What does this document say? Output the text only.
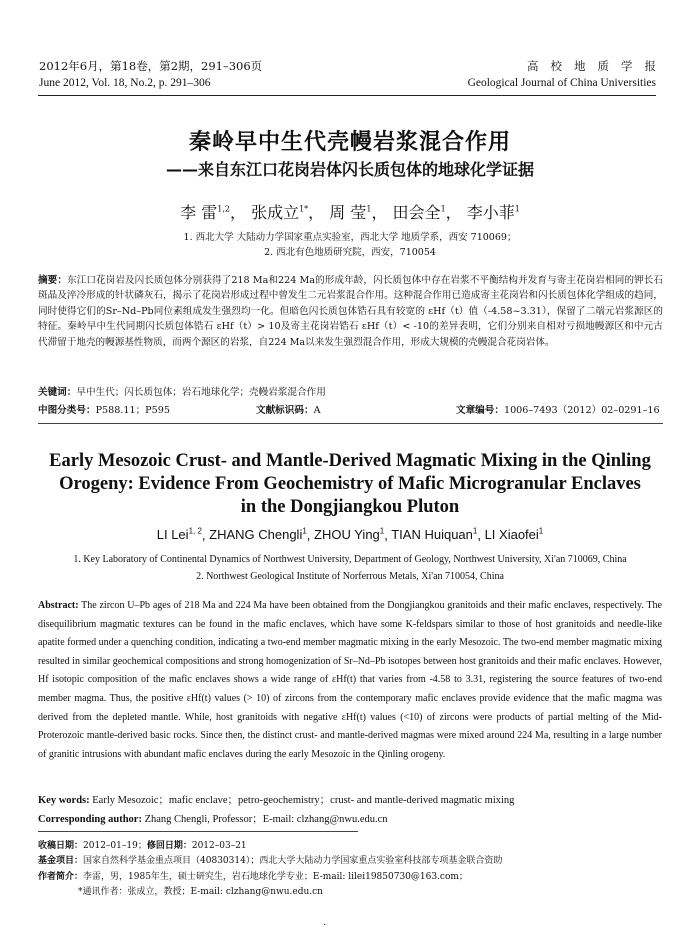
2012年6月，第18卷，第2期，291–306页
June 2012, Vol. 18, No.2, p. 291–306
高校地质学报
Geological Journal of China Universities
秦岭早中生代壳幔岩浆混合作用
——来自东江口花岗岩体闪长质包体的地球化学证据
李 雷$^{1,2}$， 张成立$^{1*}$， 周 莹$^1$， 田会全$^1$， 李小菲$^1$
1. 西北大学 大陆动力学国家重点实验室，西北大学 地质学系，西安 710069；
2. 西北有色地质研究院，西安，710054
摘要：东江口花岗岩及闪长质包体分别获得了218 Ma和224 Ma的形成年龄，闪长质包体中存在岩浆不平衡结构并发育与寄主花岗岩相同的钾长石斑晶及淬冷形成的针状磷灰石，揭示了花岗岩形成过程中曾发生二元岩浆混合作用。这种混合作用已造成寄主花岗岩和闪长质包体化学组成的趋同，同时使得它们的Sr–Nd–Pb同位素组成发生强烈均一化。但暗色闪长质包体锆石具有较宽的 εHf（t）值（-4.58~3.31），保留了二端元岩浆源区的特征。秦岭早中生代同期闪长质包体锆石 εHf（t）> 10及寄主花岗岩锆石 εHf（t）< -10的差异表明，它们分别来自相对亏损地幔源区和中元古代滞留于地壳的幔源基性物质，而两个源区的岩浆，自224 Ma以来发生强烈混合作用，形成大规模的壳幔混合花岗岩体。
关键词：早中生代；闪长质包体；岩石地球化学；壳幔岩浆混合作用
中图分类号：P588.11；P595	文献标识码：A	文章编号：1006–7493（2012）02–0291–16
Early Mesozoic Crust- and Mantle-Derived Magmatic Mixing in the Qinling
Orogeny: Evidence From Geochemistry of Mafic Microgranular Enclaves
in the Dongjiangkou Pluton
LI Lei$^{1, 2}$, ZHANG Chengli$^1$, ZHOU Ying$^1$, TIAN Huiquan$^1$, LI Xiaofei$^1$
1. Key Laboratory of Continental Dynamics of Northwest University, Department of Geology, Northwest University, Xi'an 710069, China
2. Northwest Geological Institute of Norferrous Metals, Xi'an 710054, China
Abstract: The zircon U–Pb ages of 218 Ma and 224 Ma have been obtained from the Dongjiangkou granitoids and their mafic enclaves, respectively. The disequilibrium magmatic textures can be found in the mafic enclaves, which have some K-feldspars similar to those of host granitoids and needle-like apatite formed under a quenching condition, indicating a two-end member magmatic mixing in the early Mesozoic. The two-end member magmatic mixing resulted in similar geochemical compositions and strong homogenization of Sr–Nd–Pb isotopes between host granitoids and their mafic enclaves. However, Hf isotopic composition of the mafic enclaves shows a wide range of εHf(t) that varies from -4.58 to 3.31, registering the source features of two-end member magma. Thus, the positive εHf(t) values (> 10) of zircons from the contemporary mafic enclaves provide evidence that the mafic magma was derived from the depleted mantle. While, host granitoids with negative εHf(t) values (<10) of zircons were products of partial melting of the Mid-Proterozoic mantle-derived basic rocks. Since then, the distinct crust- and mantle-derived magmas were mixed around 224 Ma, resulting in a large number of granitic intrusions with abundant mafic enclaves during the early Mesozoic in the Qinling orogeny.
Key words: Early Mesozoic；mafic enclave；petro-geochemistry；crust- and mantle-derived magmatic mixing
Corresponding author: Zhang Chengli, Professor；E-mail: clzhang@nwu.edu.cn
收稿日期：2012–01–19；修回日期：2012–03–21
基金项目：国家自然科学基金重点项目（40830314）；西北大学大陆动力学国家重点实验室科技部专项基金联合资助
作者简介：李雷，男，1985年生，硕士研究生，岩石地球化学专业；E-mail: lilei19850730@163.com；
*通讯作者：张成立，教授；E-mail: clzhang@nwu.edu.cn
·
